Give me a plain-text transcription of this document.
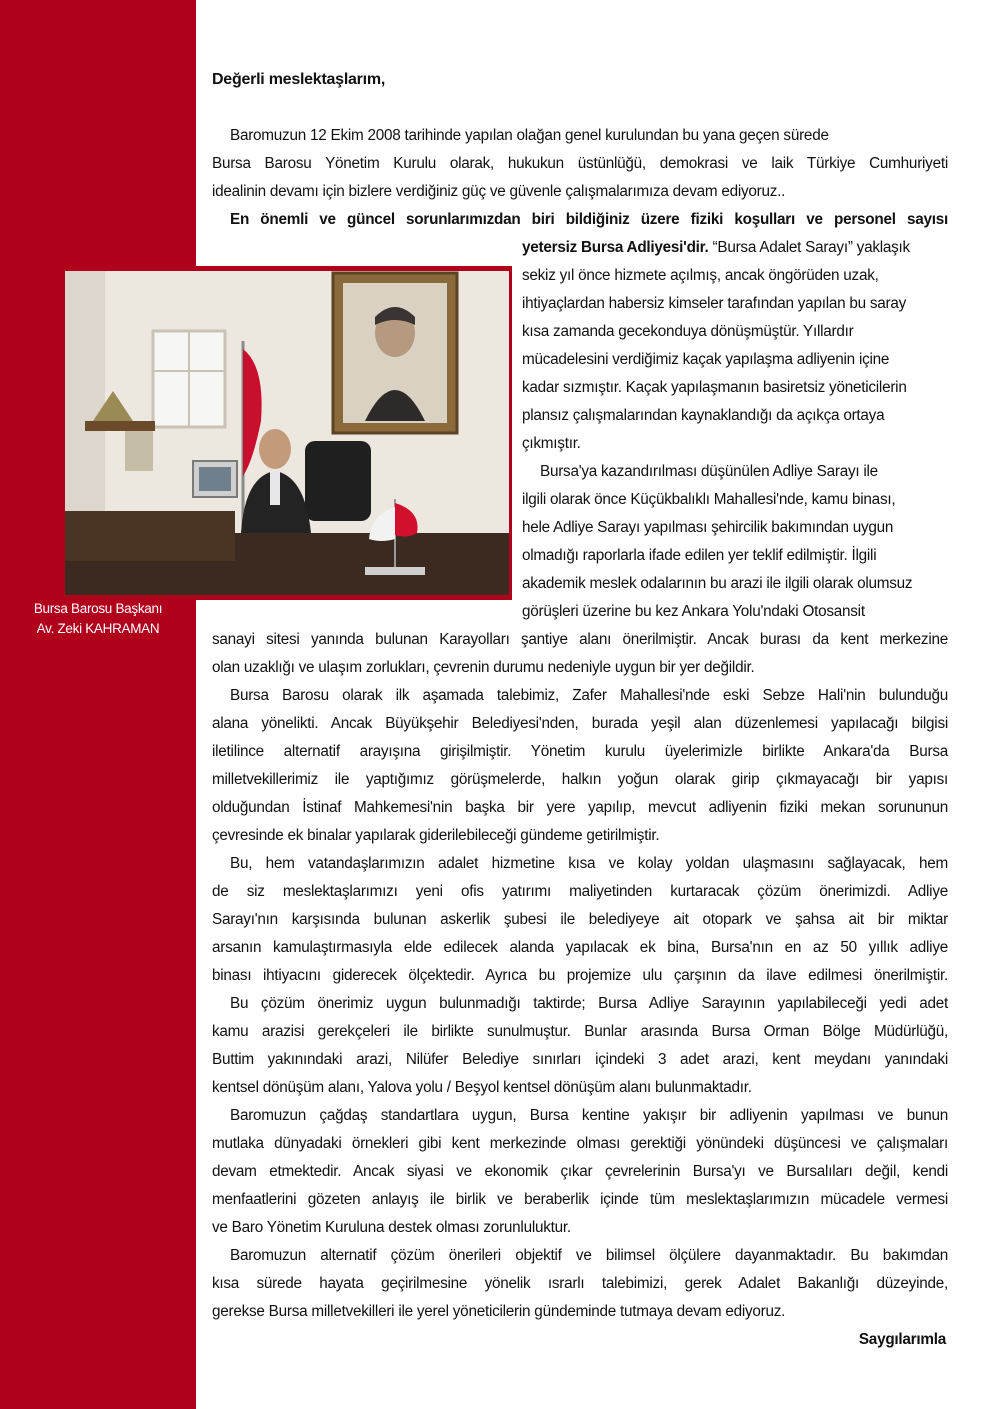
Bursa Barosu Başkanı
Av. Zeki KAHRAMAN
Değerli meslektaşlarım,
Baromuzun 12 Ekim 2008 tarihinde yapılan olağan genel kurulundan bu yana geçen sürede
Bursa Barosu Yönetim Kurulu olarak, hukukun üstünlüğü, demokrasi ve laik Türkiye Cumhuriyeti
idealinin devamı için bizlere verdiğiniz güç ve güvenle çalışmalarımıza devam ediyoruz..
En önemli ve güncel sorunlarımızdan biri bildiğiniz üzere fiziki koşulları ve personel sayısı
yetersiz Bursa Adliyesi'dir. “Bursa Adalet Sarayı” yaklaşık
sekiz yıl önce hizmete açılmış, ancak öngörüden uzak,
ihtiyaçlardan habersiz kimseler tarafından yapılan bu saray
kısa zamanda gecekonduya dönüşmüştür. Yıllardır
mücadelesini verdiğimiz kaçak yapılaşma adliyenin içine
kadar sızmıştır. Kaçak yapılaşmanın basiretsiz yöneticilerin
plansız çalışmalarından kaynaklandığı da açıkça ortaya
çıkmıştır.
Bursa'ya kazandırılması düşünülen Adliye Sarayı ile
ilgili olarak önce Küçükbalıklı Mahallesi'nde, kamu binası,
hele Adliye Sarayı yapılması şehircilik bakımından uygun
olmadığı raporlarla ifade edilen yer teklif edilmiştir. İlgili
akademik meslek odalarının bu arazi ile ilgili olarak olumsuz
görüşleri üzerine bu kez Ankara Yolu'ndaki Otosansit
sanayi sitesi yanında bulunan Karayolları şantiye alanı önerilmiştir. Ancak burası da kent merkezine
olan uzaklığı ve ulaşım zorlukları, çevrenin durumu nedeniyle uygun bir yer değildir.
Bursa Barosu olarak ilk aşamada talebimiz, Zafer Mahallesi'nde eski Sebze Hali'nin bulunduğu
alana yönelikti. Ancak Büyükşehir Belediyesi'nden, burada yeşil alan düzenlemesi yapılacağı bilgisi
iletilince alternatif arayışına girişilmiştir. Yönetim kurulu üyelerimizle birlikte Ankara'da Bursa
milletvekillerimiz ile yaptığımız görüşmelerde, halkın yoğun olarak girip çıkmayacağı bir yapısı
olduğundan İstinaf Mahkemesi'nin başka bir yere yapılıp, mevcut adliyenin fiziki mekan sorununun
çevresinde ek binalar yapılarak giderilebileceği gündeme getirilmiştir.
Bu, hem vatandaşlarımızın adalet hizmetine kısa ve kolay yoldan ulaşmasını sağlayacak, hem
de siz meslektaşlarımızı yeni ofis yatırımı maliyetinden kurtaracak çözüm önerimizdi. Adliye
Sarayı'nın karşısında bulunan askerlik şubesi ile belediyeye ait otopark ve şahsa ait bir miktar
arsanın kamulaştırmasıyla elde edilecek alanda yapılacak ek bina, Bursa'nın en az 50 yıllık adliye
binası ihtiyacını giderecek ölçektedir. Ayrıca bu projemize ulu çarşının da ilave edilmesi önerilmiştir.
Bu çözüm önerimiz uygun bulunmadığı taktirde; Bursa Adliye Sarayının yapılabileceği yedi adet
kamu arazisi gerekçeleri ile birlikte sunulmuştur. Bunlar arasında Bursa Orman Bölge Müdürlüğü,
Buttim yakınındaki arazi, Nilüfer Belediye sınırları içindeki 3 adet arazi, kent meydanı yanındaki
kentsel dönüşüm alanı, Yalova yolu / Beşyol kentsel dönüşüm alanı bulunmaktadır.
Baromuzun çağdaş standartlara uygun, Bursa kentine yakışır bir adliyenin yapılması ve bunun
mutlaka dünyadaki örnekleri gibi kent merkezinde olması gerektiği yönündeki düşüncesi ve çalışmaları
devam etmektedir. Ancak siyasi ve ekonomik çıkar çevrelerinin Bursa'yı ve Bursalıları değil, kendi
menfaatlerini gözeten anlayış ile birlik ve beraberlik içinde tüm meslektaşlarımızın mücadele vermesi
ve Baro Yönetim Kuruluna destek olması zorunluluktur.
Baromuzun alternatif çözüm önerileri objektif ve bilimsel ölçülere dayanmaktadır. Bu bakımdan
kısa sürede hayata geçirilmesine yönelik ısrarlı talebimizi, gerek Adalet Bakanlığı düzeyinde,
gerekse Bursa milletvekilleri ile yerel yöneticilerin gündeminde tutmaya devam ediyoruz.
Saygılarımla
